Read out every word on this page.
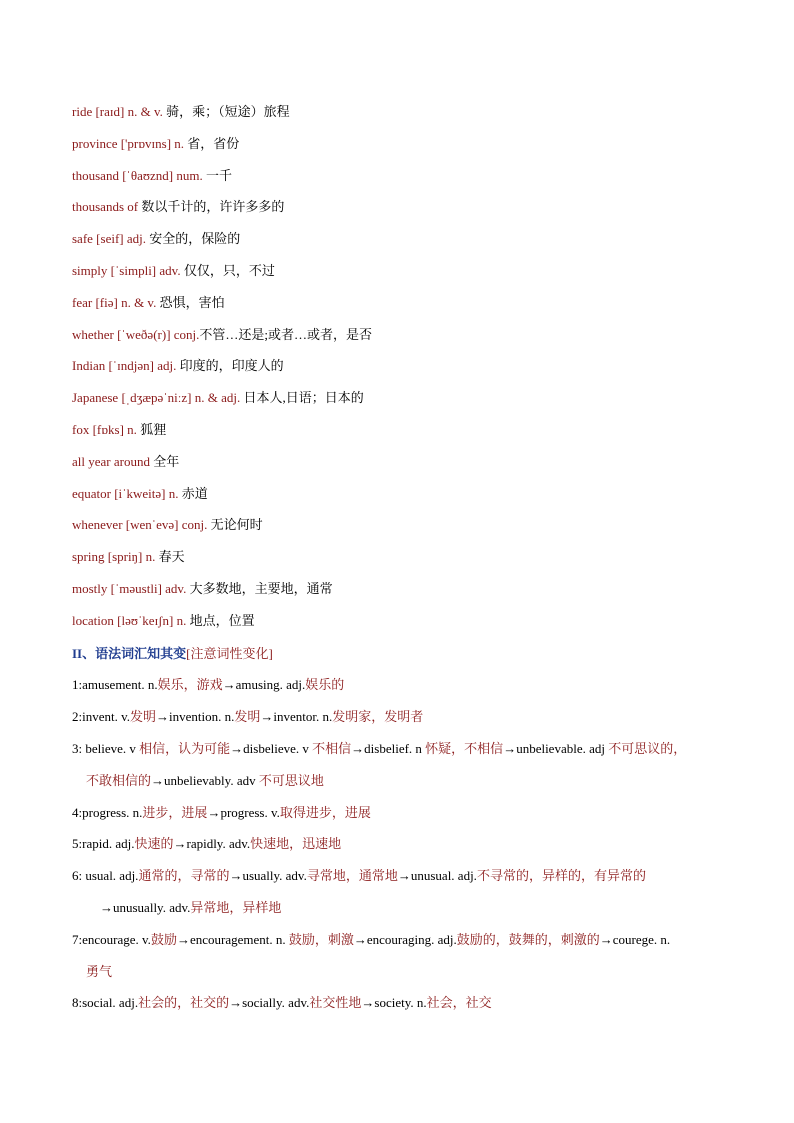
ride [raɪd] n. & v. 骑，乘；（短途）旅程
province ['prɒvɪns] n. 省，省份
thousand [ˈθaʊznd] num. 一千
thousands of 数以千计的，许许多多的
safe [seif] adj. 安全的，保险的
simply [ˈsimpli] adv. 仅仅，只，不过
fear [fiə] n. & v. 恐惧，害怕
whether [ˈweðə(r)] conj.不管…还是;或者…或者，是否
Indian [ˈɪndjən] adj. 印度的，印度人的
Japanese [ˌdʒæpəˈniːz] n. & adj. 日本人,日语；日本的
fox [fɒks] n. 狐狸
all year around 全年
equator [iˈkweitə] n. 赤道
whenever [wenˈevə] conj. 无论何时
spring [spriŋ] n. 春天
mostly [ˈməustli] adv. 大多数地，主要地，通常
location [ləʊˈkeɪʃn] n. 地点，位置
II、语法词汇知其变[注意词性变化]
1:amusement. n.娱乐，游戏→amusing. adj.娱乐的
2:invent. v.发明→invention. n.发明→inventor. n.发明家，发明者
3: believe. v 相信，认为可能→disbelieve. v 不相信→disbelief. n 怀疑，不相信→unbelievable. adj 不可思议的，
不敢相信的→unbelievably. adv 不可思议地
4:progress. n.进步，进展→progress. v.取得进步，进展
5:rapid. adj.快速的→rapidly. adv.快速地，迅速地
6: usual. adj.通常的，寻常的→usually. adv.寻常地，通常地→unusual. adj.不寻常的，异样的，有异常的
→unusually. adv.异常地，异样地
7:encourage. v.鼓励→encouragement. n. 鼓励，刺激→encouraging. adj.鼓励的，鼓舞的，刺激的→courege. n.
勇气
8:social. adj.社会的，社交的→socially. adv.社交性地→society. n.社会，社交
